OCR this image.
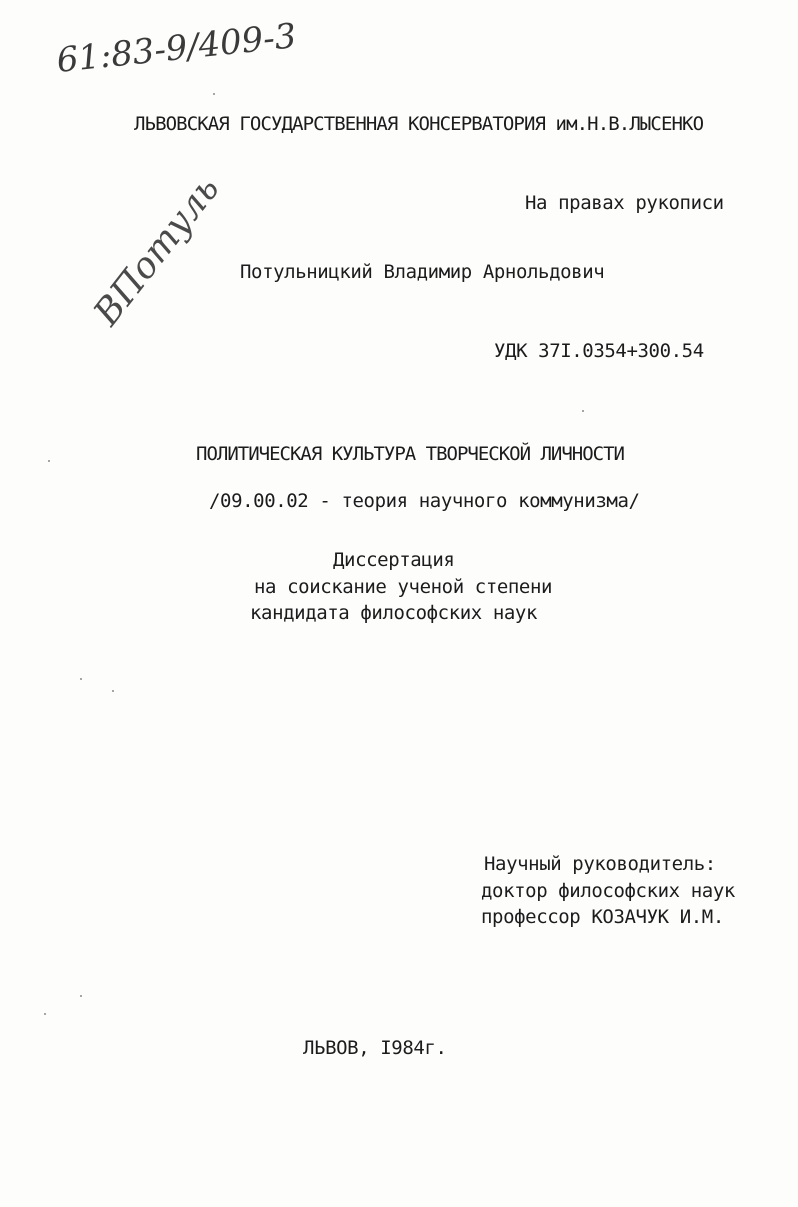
61:83-9/409-3
ЛЬВОВСКАЯ ГОСУДАРСТВЕННАЯ КОНСЕРВАТОРИЯ им.Н.В.ЛЫСЕНКО
На правах рукописи
ВПотуль Потульницкий Владимир Арнольдович
УДК 37I.0354+300.54
ПОЛИТИЧЕСКАЯ КУЛЬТУРА ТВОРЧЕСКОЙ ЛИЧНОСТИ
/09.00.02 - теория научного коммунизма/
Диссертация
на соискание ученой степени
кандидата философских наук
Научный руководитель:
доктор философских наук
профессор КОЗАЧУК И.М.
ЛЬВОВ, I984г.
